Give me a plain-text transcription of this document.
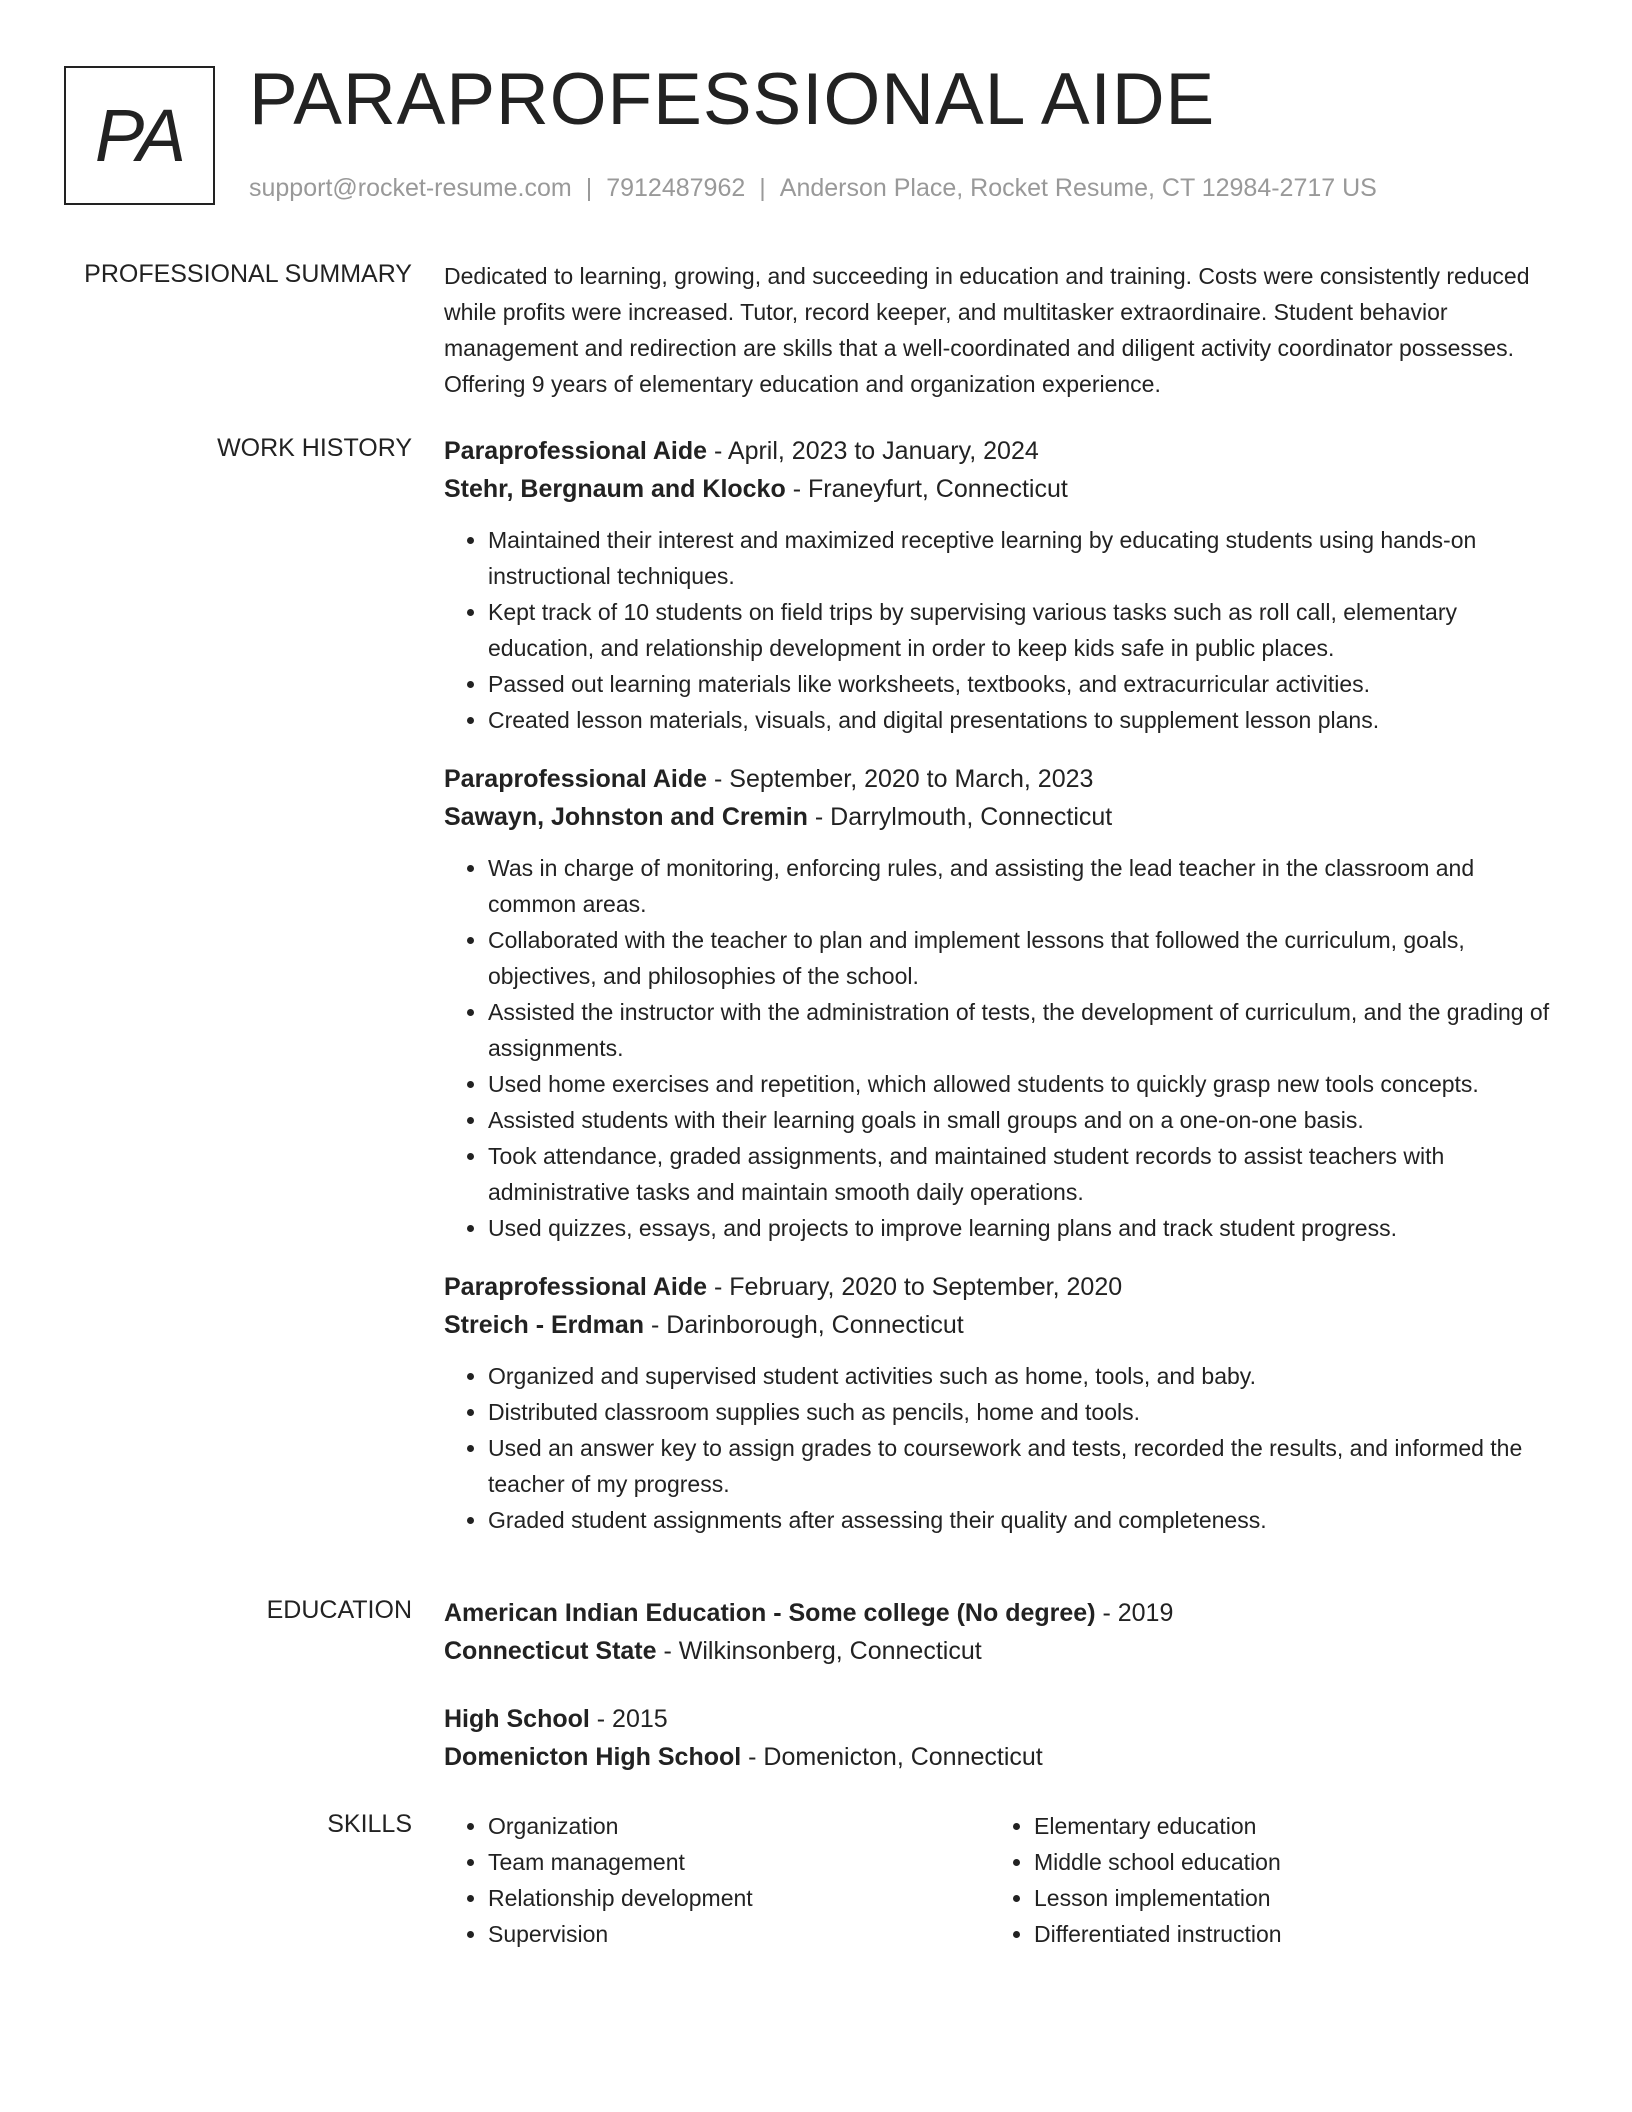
PA PARAPROFESSIONAL AIDE
support@rocket-resume.com | 7912487962 | Anderson Place, Rocket Resume, CT 12984-2717 US
PROFESSIONAL SUMMARY Dedicated to learning, growing, and succeeding in education and training. Costs were consistently reduced while profits were increased. Tutor, record keeper, and multitasker extraordinaire. Student behavior management and redirection are skills that a well-coordinated and diligent activity coordinator possesses. Offering 9 years of elementary education and organization experience.

WORK HISTORY Paraprofessional Aide - April, 2023 to January, 2024
Stehr, Bergnaum and Klocko - Franeyfurt, Connecticut
• Maintained their interest and maximized receptive learning by educating students using hands-on instructional techniques.
• Kept track of 10 students on field trips by supervising various tasks such as roll call, elementary education, and relationship development in order to keep kids safe in public places.
• Passed out learning materials like worksheets, textbooks, and extracurricular activities.
• Created lesson materials, visuals, and digital presentations to supplement lesson plans.
Paraprofessional Aide - September, 2020 to March, 2023
Sawayn, Johnston and Cremin - Darrylmouth, Connecticut
• Was in charge of monitoring, enforcing rules, and assisting the lead teacher in the classroom and common areas.
• Collaborated with the teacher to plan and implement lessons that followed the curriculum, goals, objectives, and philosophies of the school.
• Assisted the instructor with the administration of tests, the development of curriculum, and the grading of assignments.
• Used home exercises and repetition, which allowed students to quickly grasp new tools concepts.
• Assisted students with their learning goals in small groups and on a one-on-one basis.
• Took attendance, graded assignments, and maintained student records to assist teachers with administrative tasks and maintain smooth daily operations.
• Used quizzes, essays, and projects to improve learning plans and track student progress.
Paraprofessional Aide - February, 2020 to September, 2020
Streich - Erdman - Darinborough, Connecticut
• Organized and supervised student activities such as home, tools, and baby.
• Distributed classroom supplies such as pencils, home and tools.
• Used an answer key to assign grades to coursework and tests, recorded the results, and informed the teacher of my progress.
• Graded student assignments after assessing their quality and completeness.
EDUCATION American Indian Education - Some college (No degree) - 2019
Connecticut State - Wilkinsonberg, Connecticut
High School - 2015
Domenicton High School - Domenicton, Connecticut
SKILLS
•	Organization
• Team management
• Relationship development
• Supervision
• Elementary education
• Middle school education
• Lesson implementation
• Differentiated instruction
